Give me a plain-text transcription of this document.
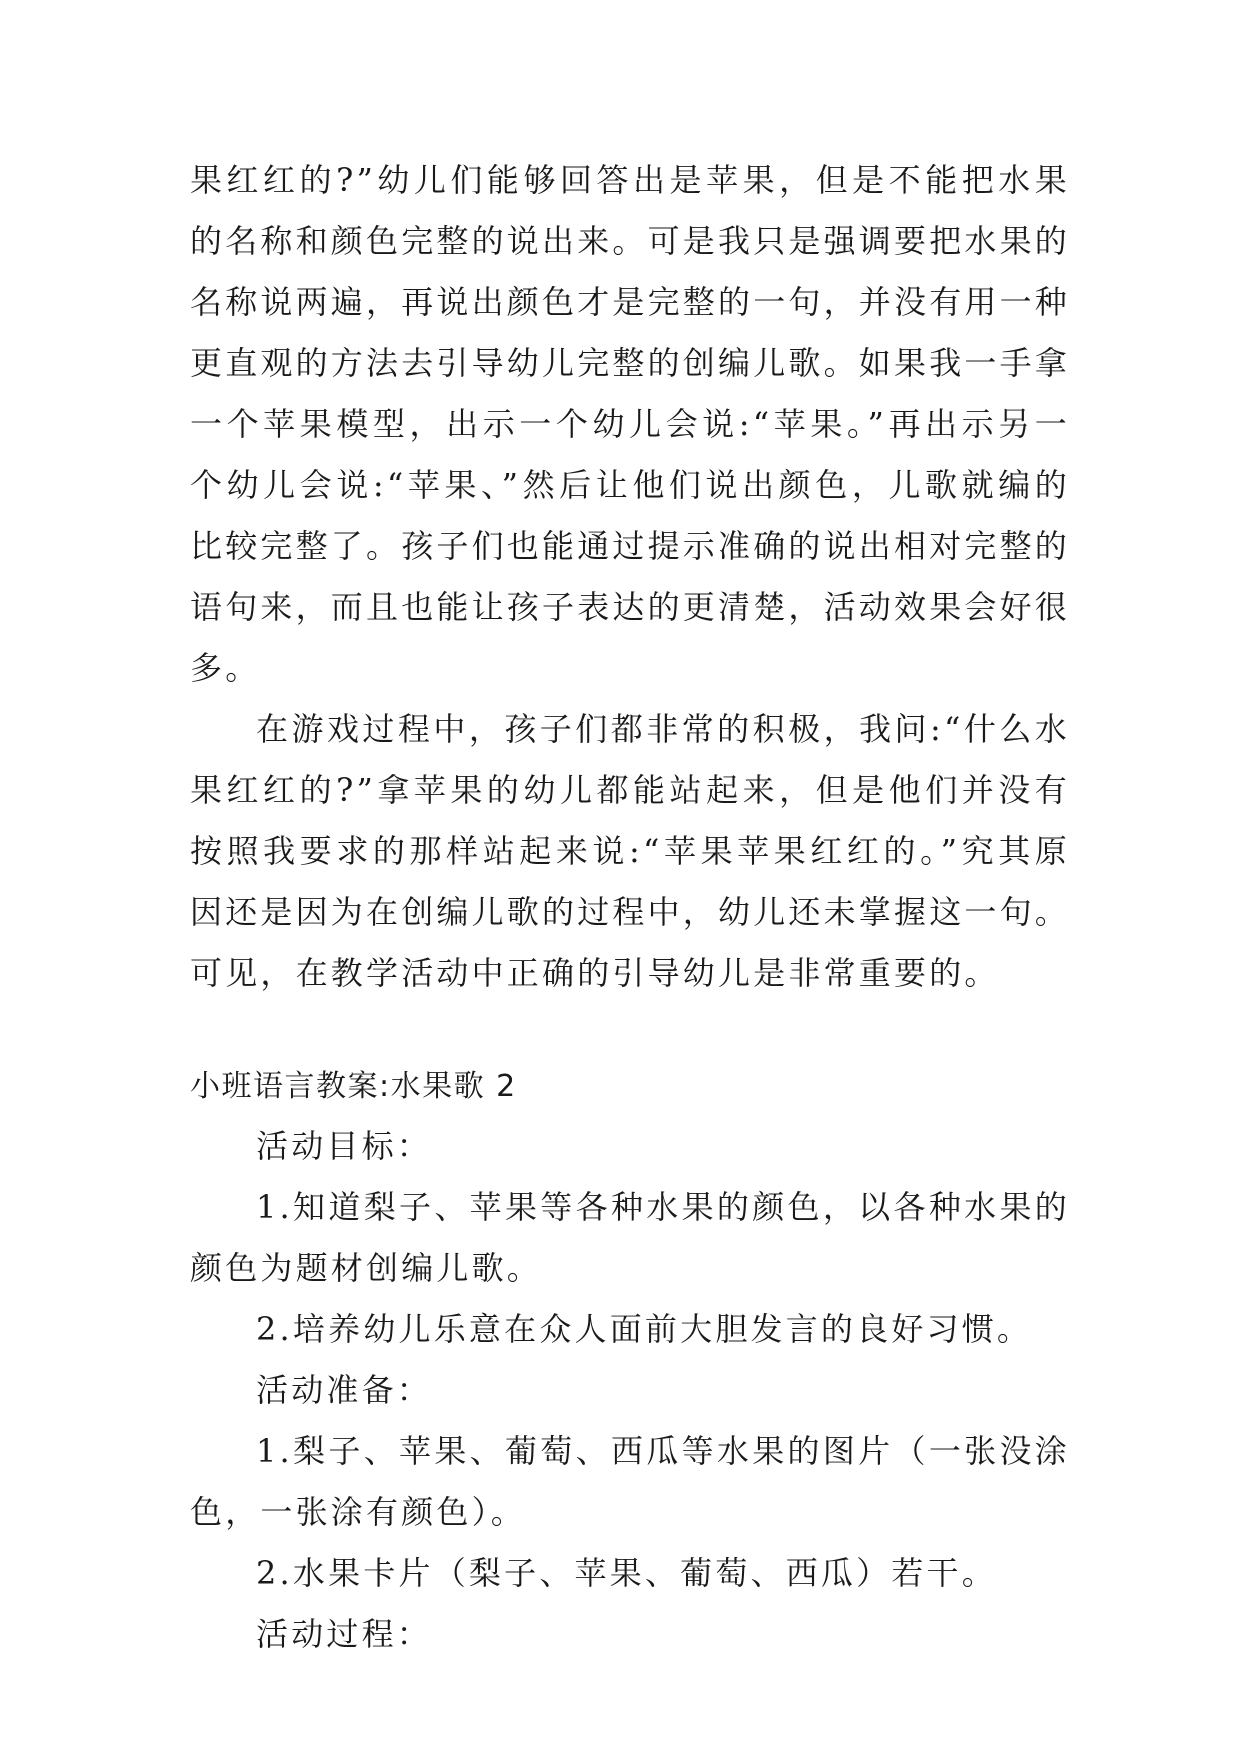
果红红的?”幼儿们能够回答出是苹果，但是不能把水果的名称和颜色完整的说出来。可是我只是强调要把水果的名称说两遍，再说出颜色才是完整的一句，并没有用一种更直观的方法去引导幼儿完整的创编儿歌。如果我一手拿一个苹果模型，出示一个幼儿会说:“苹果。”再出示另一个幼儿会说:“苹果、”然后让他们说出颜色，儿歌就编的比较完整了。孩子们也能通过提示准确的说出相对完整的语句来，而且也能让孩子表达的更清楚，活动效果会好很多。

在游戏过程中，孩子们都非常的积极，我问:“什么水果红红的?”拿苹果的幼儿都能站起来，但是他们并没有按照我要求的那样站起来说:“苹果苹果红红的。”究其原因还是因为在创编儿歌的过程中，幼儿还未掌握这一句。可见，在教学活动中正确的引导幼儿是非常重要的。

小班语言教案:水果歌 2

活动目标：

1.知道梨子、苹果等各种水果的颜色，以各种水果的颜色为题材创编儿歌。

2.培养幼儿乐意在众人面前大胆发言的良好习惯。

活动准备：

1.梨子、苹果、葡萄、西瓜等水果的图片（一张没涂色，一张涂有颜色）。

2.水果卡片（梨子、苹果、葡萄、西瓜）若干。

活动过程：
